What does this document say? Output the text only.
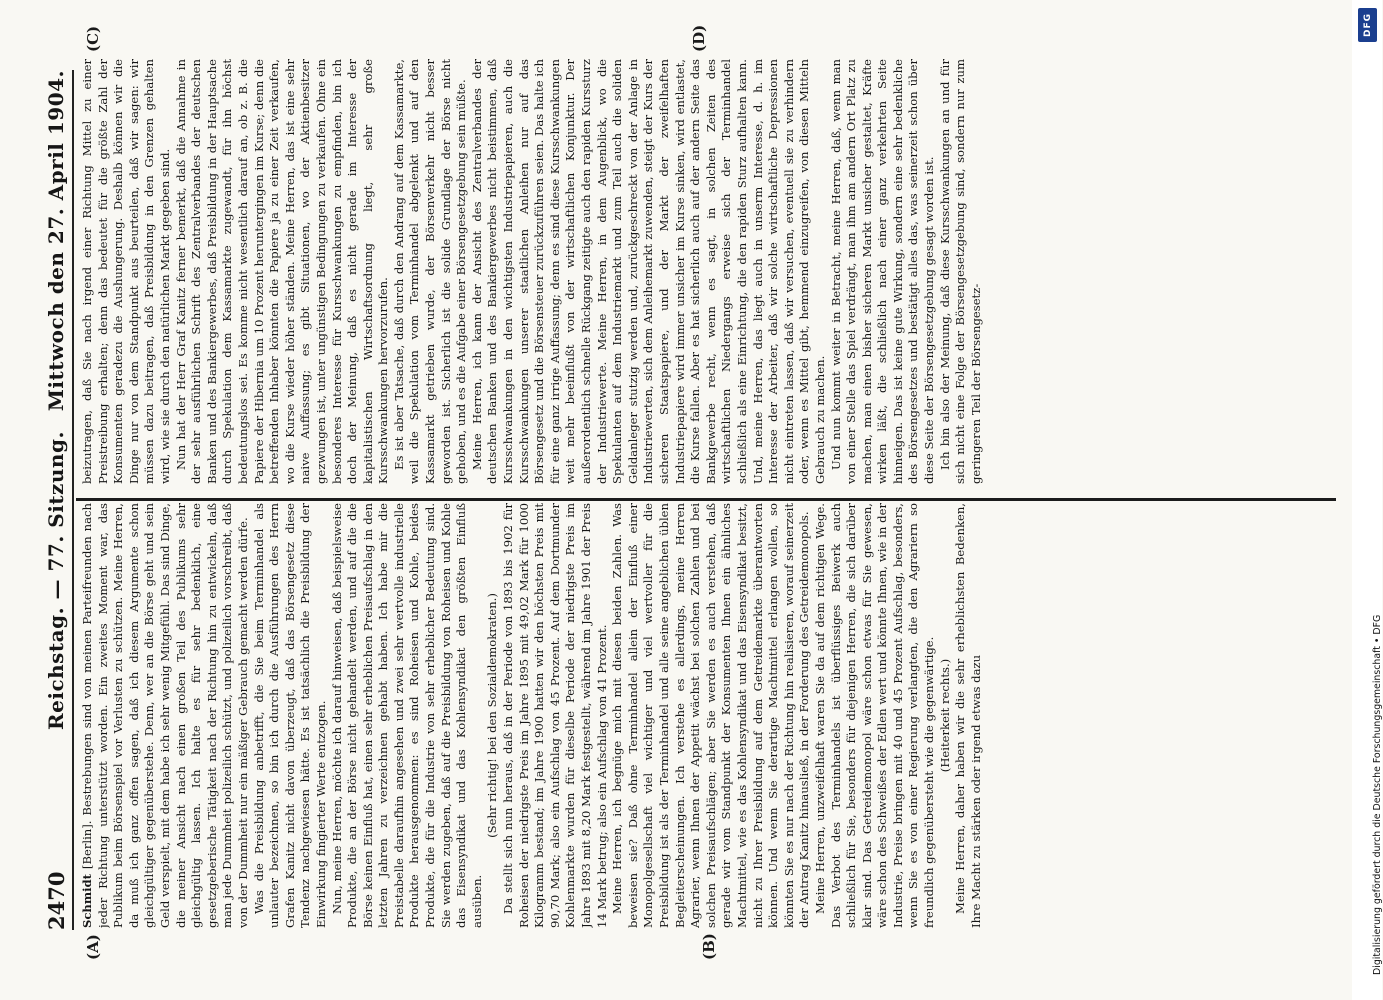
2470
Reichstag. — 77. Sitzung.
Mittwoch den 27. April 1904.
(A)	(B)
(C)	(D)

Schmidt [Berlin]. Bestrebungen sind von meinen Parteifreunden nach jeder Richtung unterstützt worden. Ein zweites Moment war, das Publikum beim Börsenspiel vor Verlusten zu schützen. Meine Herren, da muß ich ganz offen sagen, daß ich diesem Argumente schon gleichgültiger gegenüberstehe. Denn, wer an die Börse geht und sein Geld verspielt, mit dem habe ich sehr wenig Mitgefühl. Das sind Dinge, die meiner Ansicht nach einen großen Teil des Publikums sehr gleichgültig lassen. Ich halte es für sehr bedenklich, eine gesetzgeberische Tätigkeit nach der Richtung hin zu entwickeln, daß man jede Dummheit polizeilich schützt, und polizeilich vorschreibt, daß von der Dummheit nur ein mäßiger Gebrauch gemacht werden dürfe. Was die Preisbildung anbetrifft, die Sie beim Terminhandel als unlauter bezeichnen, so bin ich durch die Ausführungen des Herrn Grafen Kanitz nicht davon überzeugt, daß das Börsengesetz diese Tendenz nachgewiesen hätte. Es ist tatsächlich die Preisbildung der Einwirkung fingierter Werte entzogen. Nun, meine Herren, möchte ich darauf hinweisen, daß beispielsweise Produkte, die an der Börse nicht gehandelt werden, und auf die die Börse keinen Einfluß hat, einen sehr erheblichen Preisaufschlag in den letzten Jahren zu verzeichnen gehabt haben. Ich habe mir die Preistabelle daraufhin angesehen und zwei sehr wertvolle industrielle Produkte herausgenommen: es sind Roheisen und Kohle, beides Produkte, die für die Industrie von sehr erheblicher Bedeutung sind. Sie werden zugeben, daß auf die Preisbildung von Roheisen und Kohle das Eisensyndikat und das Kohlensyndikat den größten Einfluß ausüben.

(Sehr richtig! bei den Sozialdemokraten.) Da stellt sich nun heraus, daß in der Periode von 1893 bis 1902 für Roheisen der niedrigste Preis im Jahre 1895 mit 49,02 Mark für 1000 Kilogramm bestand; im Jahre 1900 hatten wir den höchsten Preis mit 90,70 Mark; also ein Aufschlag von 45 Prozent. Auf dem Dortmunder Kohlenmarkte wurden für dieselbe Periode der niedrigste Preis im Jahre 1893 mit 8,20 Mark festgestellt, während im Jahre 1901 der Preis 14 Mark betrug; also ein Aufschlag von 41 Prozent. Meine Herren, ich begnüge mich mit diesen beiden Zahlen. Was beweisen sie? Daß ohne Terminhandel allein der Einfluß einer Monopolgesellschaft viel wichtiger und viel wertvoller für die Preisbildung ist als der Terminhandel und alle seine angeblichen üblen Begleiterscheinungen. Ich verstehe es allerdings, meine Herren Agrarier, wenn Ihnen der Appetit wächst bei solchen Zahlen und bei solchen Preisaufschlägen; aber Sie werden es auch verstehen, daß gerade wir vom Standpunkt der Konsumenten Ihnen ein ähnliches Machtmittel, wie es das Kohlensyndikat und das Eisensyndikat besitzt, nicht zu Ihrer Preisbildung auf dem Getreidemarkte überantworten können. Und wenn Sie derartige Machtmittel erlangen wollen, so könnten Sie es nur nach der Richtung hin realisieren, worauf seinerzeit der Antrag Kanitz hinausließ, in der Forderung des Getreidemonopols. Meine Herren, unzweifelhaft waren Sie da auf dem richtigen Wege. Das Verbot des Terminhandels ist überflüssiges Beiwerk auch schließlich für Sie, besonders für diejenigen Herren, die sich darüber klar sind. Das Getreidemonopol wäre schon etwas für Sie gewesen, wäre schon des Schweißes der Edlen wert und könnte Ihnen, wie in der Industrie, Preise bringen mit 40 und 45 Prozent Aufschlag, besonders, wenn Sie es von einer Regierung verlangten, die den Agrariern so freundlich gegenübersteht wie die gegenwärtige. (Heiterkeit rechts.) Meine Herren, daher haben wir die sehr erheblichsten Bedenken, Ihre Macht zu stärken oder irgend etwas dazu

beizutragen, daß Sie nach irgend einer Richtung Mittel zu einer Preistreibung erhalten; denn das bedeutet für die größte Zahl der Konsumenten geradezu die Aushungerung. Deshalb können wir die Dinge nur von dem Standpunkt aus beurteilen, daß wir sagen: wir müssen dazu beitragen, daß Preisbildung in den Grenzen gehalten wird, wie sie durch den natürlichen Markt gegeben sind. Nun hat der Herr Graf Kanitz ferner bemerkt, daß die Annahme in der sehr ausführlichen Schrift des Zentralverbandes der deutschen Banken und des Bankiergewerbes, daß Preisbildung in der Hauptsache durch Spekulation dem Kassamarkte zugewandt, für ihn höchst bedeutungslos sei. Es komme nicht wesentlich darauf an, ob z. B. die Papiere der Hibernia um 10 Prozent heruntergingen im Kurse; denn die betreffenden Inhaber könnten die Papiere ja zu einer Zeit verkaufen, wo die Kurse wieder höher ständen. Meine Herren, das ist eine sehr naive Auffassung; es gibt Situationen, wo der Aktienbesitzer gezwungen ist, unter ungünstigen Bedingungen zu verkaufen. Ohne ein besonderes Interesse für Kursschwankungen zu empfinden, bin ich doch der Meinung, daß es nicht gerade im Interesse der kapitalistischen Wirtschaftsordnung liegt, sehr große Kursschwankungen hervorzurufen. Es ist aber Tatsache, daß durch den Andrang auf dem Kassamarkte, weil die Spekulation vom Terminhandel abgelenkt und auf den Kassamarkt getrieben wurde, der Börsenverkehr nicht besser geworden ist. Sicherlich ist die solide Grundlage der Börse nicht gehoben, und es die Aufgabe einer Börsengesetzgebung sein müßte. Meine Herren, ich kann der Ansicht des Zentralverbandes der deutschen Banken und des Bankiergewerbes nicht beistimmen, daß Kursschwankungen in den wichtigsten Industriepapieren, auch die Kursschwankungen unserer staatlichen Anleihen nur auf das Börsengesetz und die Börsensteuer zurückzuführen seien. Das halte ich für eine ganz irrige Auffassung; denn es sind diese Kursschwankungen weit mehr beeinflußt von der wirtschaftlichen Konjunktur. Der außerordentlich schnelle Rückgang zeitigte auch den rapiden Kurssturz der Industriewerte. Meine Herren, in dem Augenblick, wo die Spekulanten auf dem Industriemarkt und zum Teil auch die soliden Geldanleger stutzig werden und, zurückgeschreckt von der Anlage in Industriewerten, sich dem Anleihemarkt zuwenden, steigt der Kurs der sicheren Staatspapiere, und der Markt der zweifelhaften Industriepapiere wird immer unsicher im Kurse sinken, wird entlastet, die Kurse fallen. Aber es hat sicherlich auch auf der andern Seite das Bankgewerbe recht, wenn es sagt, in solchen Zeiten des wirtschaftlichen Niedergangs erweise sich der Terminhandel schließlich als eine Einrichtung, die den rapiden Sturz aufhalten kann. Und, meine Herren, das liegt auch in unserm Interesse, d. h. im Interesse der Arbeiter, daß wir solche wirtschaftliche Depressionen nicht eintreten lassen, daß wir versuchen, eventuell sie zu verhindern oder, wenn es Mittel gibt, hemmend einzugreifen, von diesen Mitteln Gebrauch zu machen. Und nun kommt weiter in Betracht, meine Herren, daß, wenn man von einer Stelle das Spiel verdrängt, man ihm am andern Ort Platz zu machen, man einen bisher sicheren Markt unsicher gestaltet, Kräfte wirken läßt, die schließlich nach einer ganz verkehrten Seite hinneigen. Das ist keine gute Wirkung, sondern eine sehr bedenkliche des Börsengesetzes und bestätigt alles das, was seinerzeit schon über diese Seite der Börsengesetzgebung gesagt worden ist. Ich bin also der Meinung, daß diese Kursschwankungen an und für sich nicht eine Folge der Börsengesetzgebung sind, sondern nur zum geringeren Teil der Börsengesetz-

DFG
Digitalisierung gefördert durch die Deutsche Forschungsgemeinschaft • DFG
